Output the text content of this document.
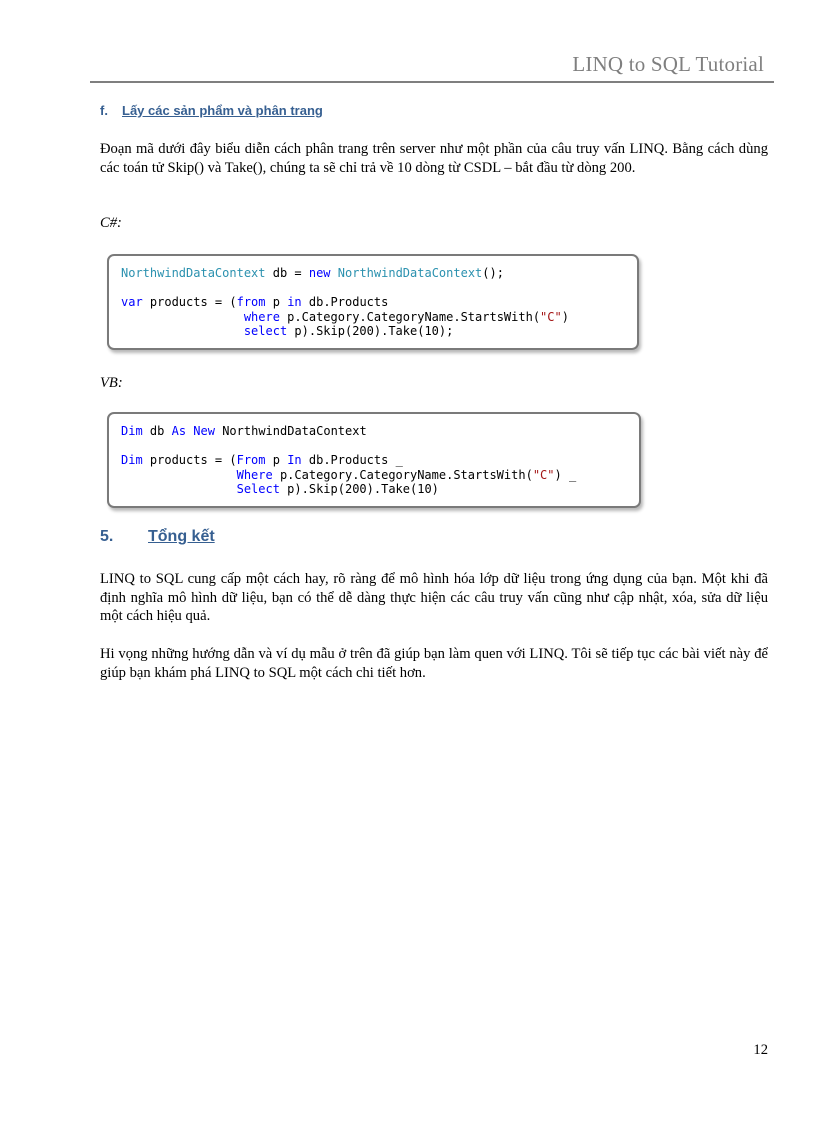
LINQ to SQL Tutorial
f. Lấy các sản phẩm và phân trang
Đoạn mã dưới đây biểu diễn cách phân trang trên server như một phần của câu truy vấn LINQ. Bằng cách dùng các toán tử Skip() và Take(), chúng ta sẽ chỉ trả về 10 dòng từ CSDL – bắt đầu từ dòng 200.
C#:
NorthwindDataContext db = new NorthwindDataContext();

var products = (from p in db.Products
where p.Category.CategoryName.StartsWith("C")
select p).Skip(200).Take(10);
VB:
Dim db As New NorthwindDataContext

Dim products = (From p In db.Products _
Where p.Category.CategoryName.StartsWith("C") _
Select p).Skip(200).Take(10)
5. Tổng kết
LINQ to SQL cung cấp một cách hay, rõ ràng để mô hình hóa lớp dữ liệu trong ứng dụng của bạn. Một khi đã định nghĩa mô hình dữ liệu, bạn có thể dễ dàng thực hiện các câu truy vấn cũng như cập nhật, xóa, sửa dữ liệu một cách hiệu quả.
Hi vọng những hướng dẫn và ví dụ mẫu ở trên đã giúp bạn làm quen với LINQ. Tôi sẽ tiếp tục các bài viết này để giúp bạn khám phá LINQ to SQL một cách chi tiết hơn.
12
